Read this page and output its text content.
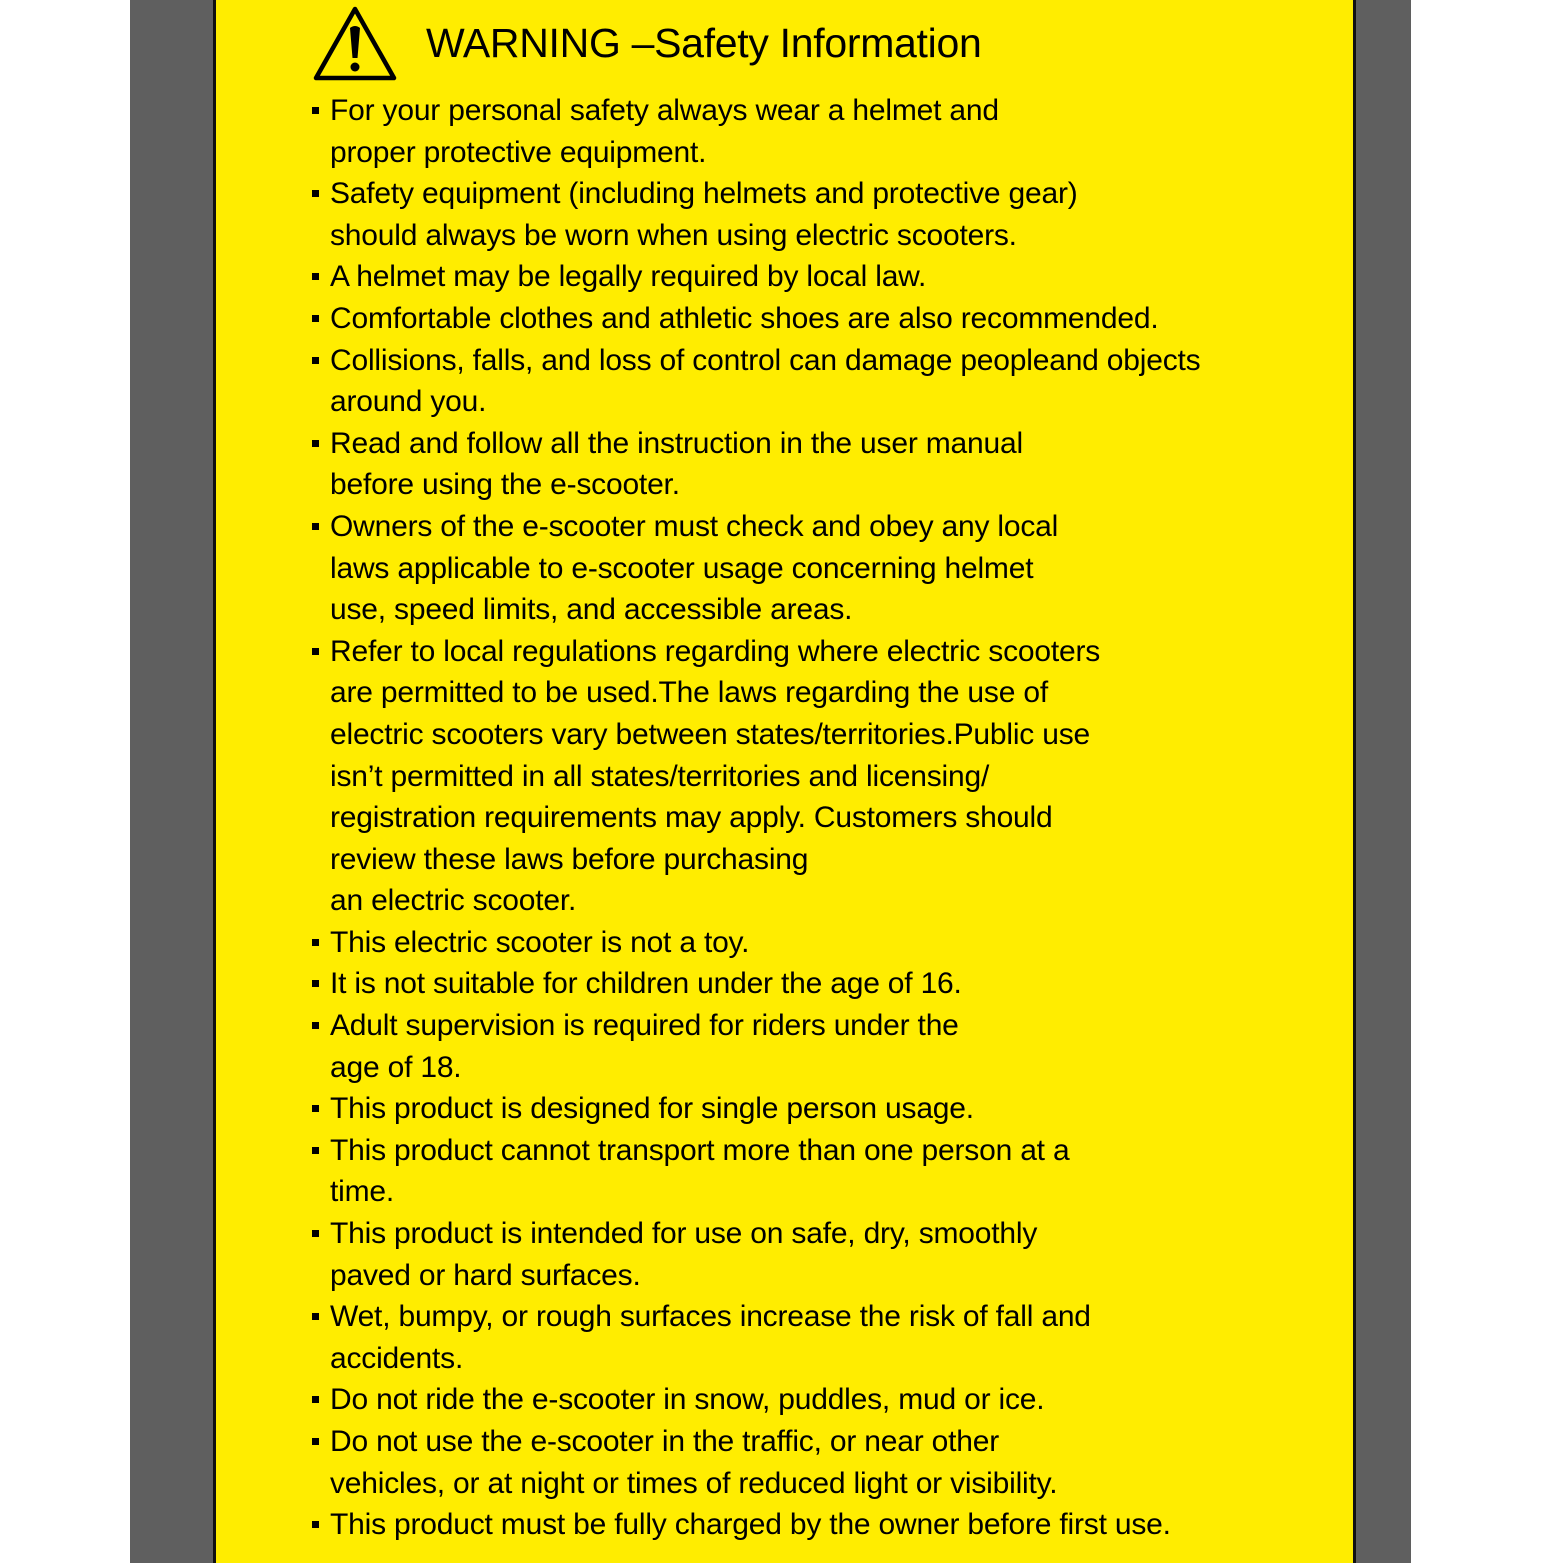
WARNING –Safety Information
For your personal safety always wear a helmet and
proper protective equipment.
Safety equipment (including helmets and protective gear)
should always be worn when using electric scooters.
A helmet may be legally required by local law.
Comfortable clothes and athletic shoes are also recommended.
Collisions, falls, and loss of control can damage peopleand objects
around you.
Read and follow all the instruction in the user manual
before using the e-scooter.
Owners of the e-scooter must check and obey any local
laws applicable to e-scooter usage concerning helmet
use, speed limits, and accessible areas.
Refer to local regulations regarding where electric scooters
are permitted to be used.The laws regarding the use of
electric scooters vary between states/territories.Public use
isn’t permitted in all states/territories and licensing/
registration requirements may apply. Customers should
review these laws before purchasing
an electric scooter.
This electric scooter is not a toy.
It is not suitable for children under the age of 16.
Adult supervision is required for riders under the
age of 18.
This product is designed for single person usage.
This product cannot transport more than one person at a
time.
This product is intended for use on safe, dry, smoothly
paved or hard surfaces.
Wet, bumpy, or rough surfaces increase the risk of fall and
accidents.
Do not ride the e-scooter in snow, puddles, mud or ice.
Do not use the e-scooter in the traffic, or near other
vehicles, or at night or times of reduced light or visibility.
This product must be fully charged by the owner before first use.
